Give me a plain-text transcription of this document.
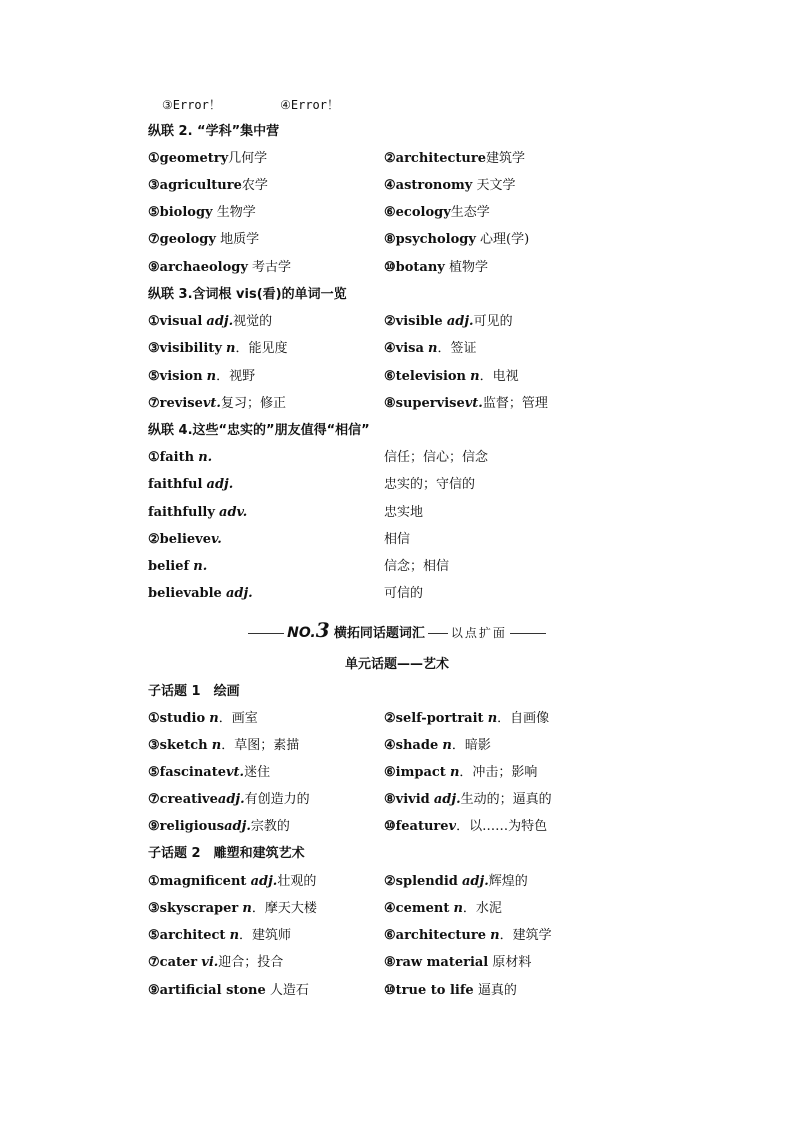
③Error！	④Error！
纵联 2. “学科”集中营
①geometry几何学	②architecture建筑学
③agriculture农学	④astronomy 天文学
⑤biology 生物学	⑥ecology生态学
⑦geology 地质学	⑧psychology 心理(学)
⑨archaeology 考古学	⑩botany 植物学
纵联 3.含词根 vis(看)的单词一览
①visual adj.视觉的	②visible adj.可见的
③visibility n．能见度	④visa n．签证
⑤vision n．视野	⑥television n．电视
⑦revisevt.复习；修正	⑧supervisevt.监督；管理
纵联 4.这些“忠实的”朋友值得“相信”
①faith n.	信任；信心；信念
faithful adj.	忠实的；守信的
faithfully adv.	忠实地
②believev.	相信
belief n.	信念；相信
believable adj.	可信的
NO.3 横拓同话题词汇 以点扩面
单元话题——艺术
子话题 1　绘画
①studio n．画室	②self-portrait n．自画像
③sketch n．草图；素描	④shade n．暗影
⑤fascinatevt.迷住	⑥impact n．冲击；影响
⑦creativeadj.有创造力的	⑧vivid adj.生动的；逼真的
⑨religiousadj.宗教的	⑩featurev．以……为特色
子话题 2　雕塑和建筑艺术
①magnificent adj.壮观的	②splendid adj.辉煌的
③skyscraper n．摩天大楼	④cement n．水泥
⑤architect n．建筑师	⑥architecture n．建筑学
⑦cater vi.迎合；投合	⑧raw material 原材料
⑨artificial stone 人造石	⑩true to life 逼真的
